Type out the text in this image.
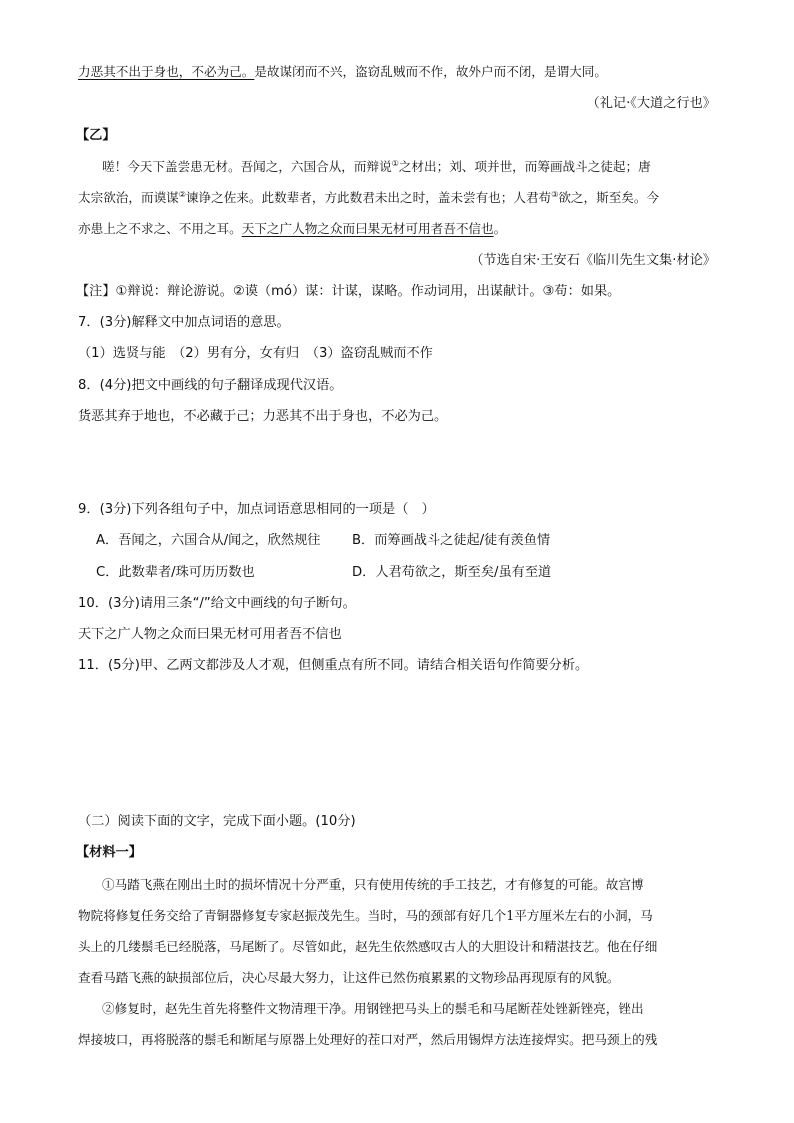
力恶其不出于身也，不必为己。是故谋闭而不兴，盗窃乱贼而不作，故外户而不闭，是谓大同。
（礼记·《大道之行也》
【乙】
嗟！今天下盖尝患无材。吾闻之，六国合从，而辩说①之材出；刘、项并世，而筹画战斗之徒起；唐
太宗欲治，而谟谋②谏诤之佐来。此数辈者，方此数君未出之时，盖未尝有也；人君苟③欲之，斯至矣。今
亦患上之不求之、不用之耳。天下之广人物之众而曰果无材可用者吾不信也。
（节选自宋·王安石《临川先生文集·材论》
【注】①辩说：辩论游说。②谟（mó）谋：计谋，谋略。作动词用，出谋献计。③苟：如果。
7．(3分)解释文中加点词语的意思。
（1）选贤与能　（2）男有分，女有归　（3）盗窃乱贼而不作
8．(4分)把文中画线的句子翻译成现代汉语。
货恶其弃于地也，不必藏于己；力恶其不出于身也，不必为己。
9．(3分)下列各组句子中，加点词语意思相同的一项是（　）
A．吾闻之，六国合从/闻之，欣然规往 B．而筹画战斗之徒起/徒有羡鱼情
C．此数辈者/珠可历历数也	D．人君苟欲之，斯至矣/虽有至道
10．(3分)请用三条“/”给文中画线的句子断句。
天下之广人物之众而曰果无材可用者吾不信也
11．(5分)甲、乙两文都涉及人才观，但侧重点有所不同。请结合相关语句作简要分析。
（二）阅读下面的文字，完成下面小题。(10分)
【材料一】
①马踏飞燕在刚出土时的损坏情况十分严重，只有使用传统的手工技艺，才有修复的可能。故宫博
物院将修复任务交给了青铜器修复专家赵振茂先生。当时，马的颈部有好几个1平方厘米左右的小洞，马
头上的几缕鬃毛已经脱落，马尾断了。尽管如此，赵先生依然感叹古人的大胆设计和精湛技艺。他在仔细
查看马踏飞燕的缺损部位后，决心尽最大努力，让这件已然伤痕累累的文物珍品再现原有的风貌。
②修复时，赵先生首先将整件文物清理干净。用钢锉把马头上的鬃毛和马尾断茬处锉新锉亮，锉出
焊接坡口，再将脱落的鬃毛和断尾与原器上处理好的茬口对严，然后用锡焊方法连接焊实。把马颈上的残
